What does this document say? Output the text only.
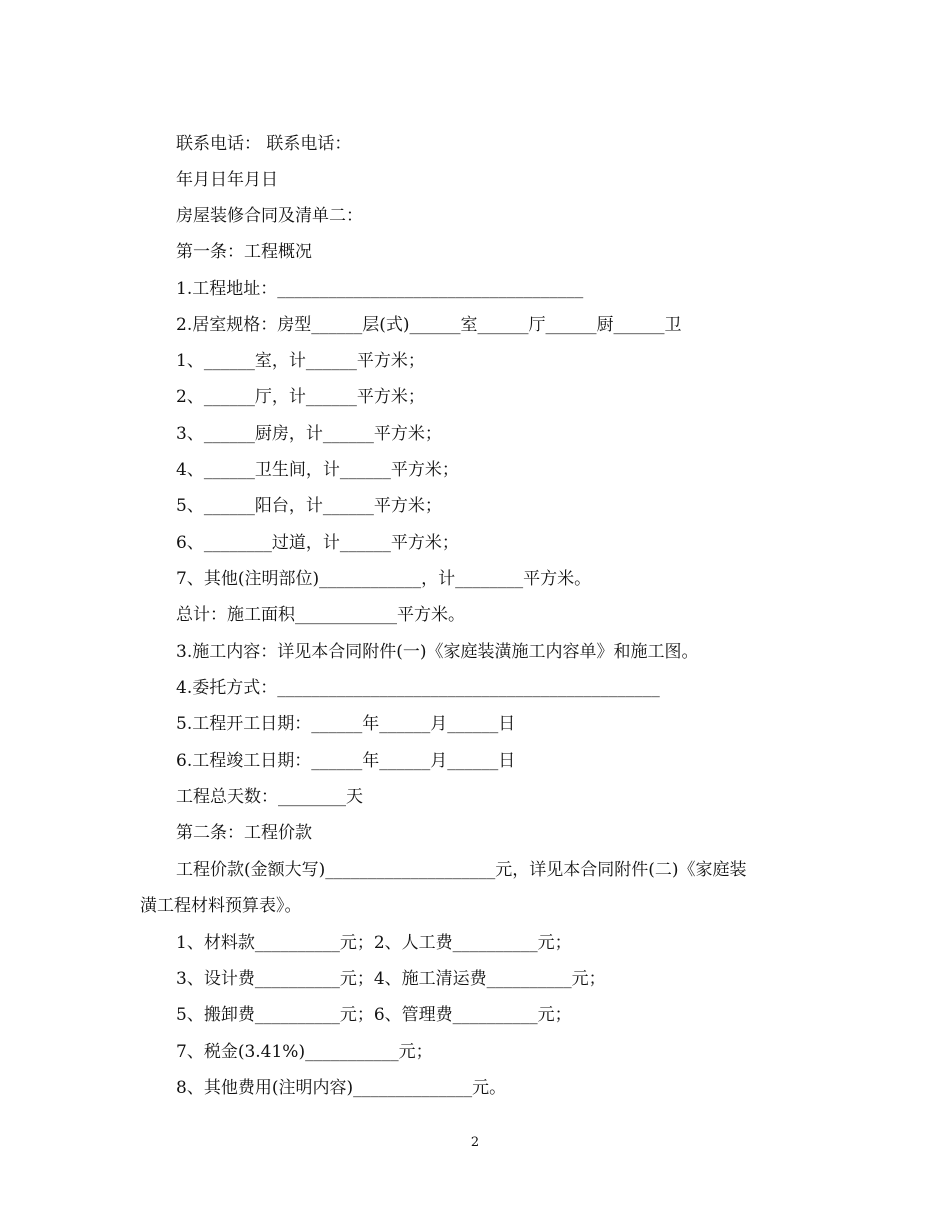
联系电话： 联系电话：
年月日年月日
房屋装修合同及清单二：
第一条：工程概况
1.工程地址：____________________________________
2.居室规格：房型______层(式)______室______厅______厨______卫
1、______室，计______平方米；
2、______厅，计______平方米；
3、______厨房，计______平方米；
4、______卫生间，计______平方米；
5、______阳台，计______平方米；
6、________过道，计______平方米；
7、其他(注明部位)____________，计________平方米。
总计：施工面积____________平方米。
3.施工内容：详见本合同附件(一)《家庭装潢施工内容单》和施工图。
4.委托方式：_____________________________________________
5.工程开工日期：______年______月______日
6.工程竣工日期：______年______月______日
工程总天数：________天
第二条：工程价款
工程价款(金额大写)____________________元，详见本合同附件(二)《家庭装
潢工程材料预算表》。
1、材料款__________元；2、人工费__________元；
3、设计费__________元；4、施工清运费__________元；
5、搬卸费__________元；6、管理费__________元；
7、税金(3.41%)___________元；
8、其他费用(注明内容)______________元。
2
